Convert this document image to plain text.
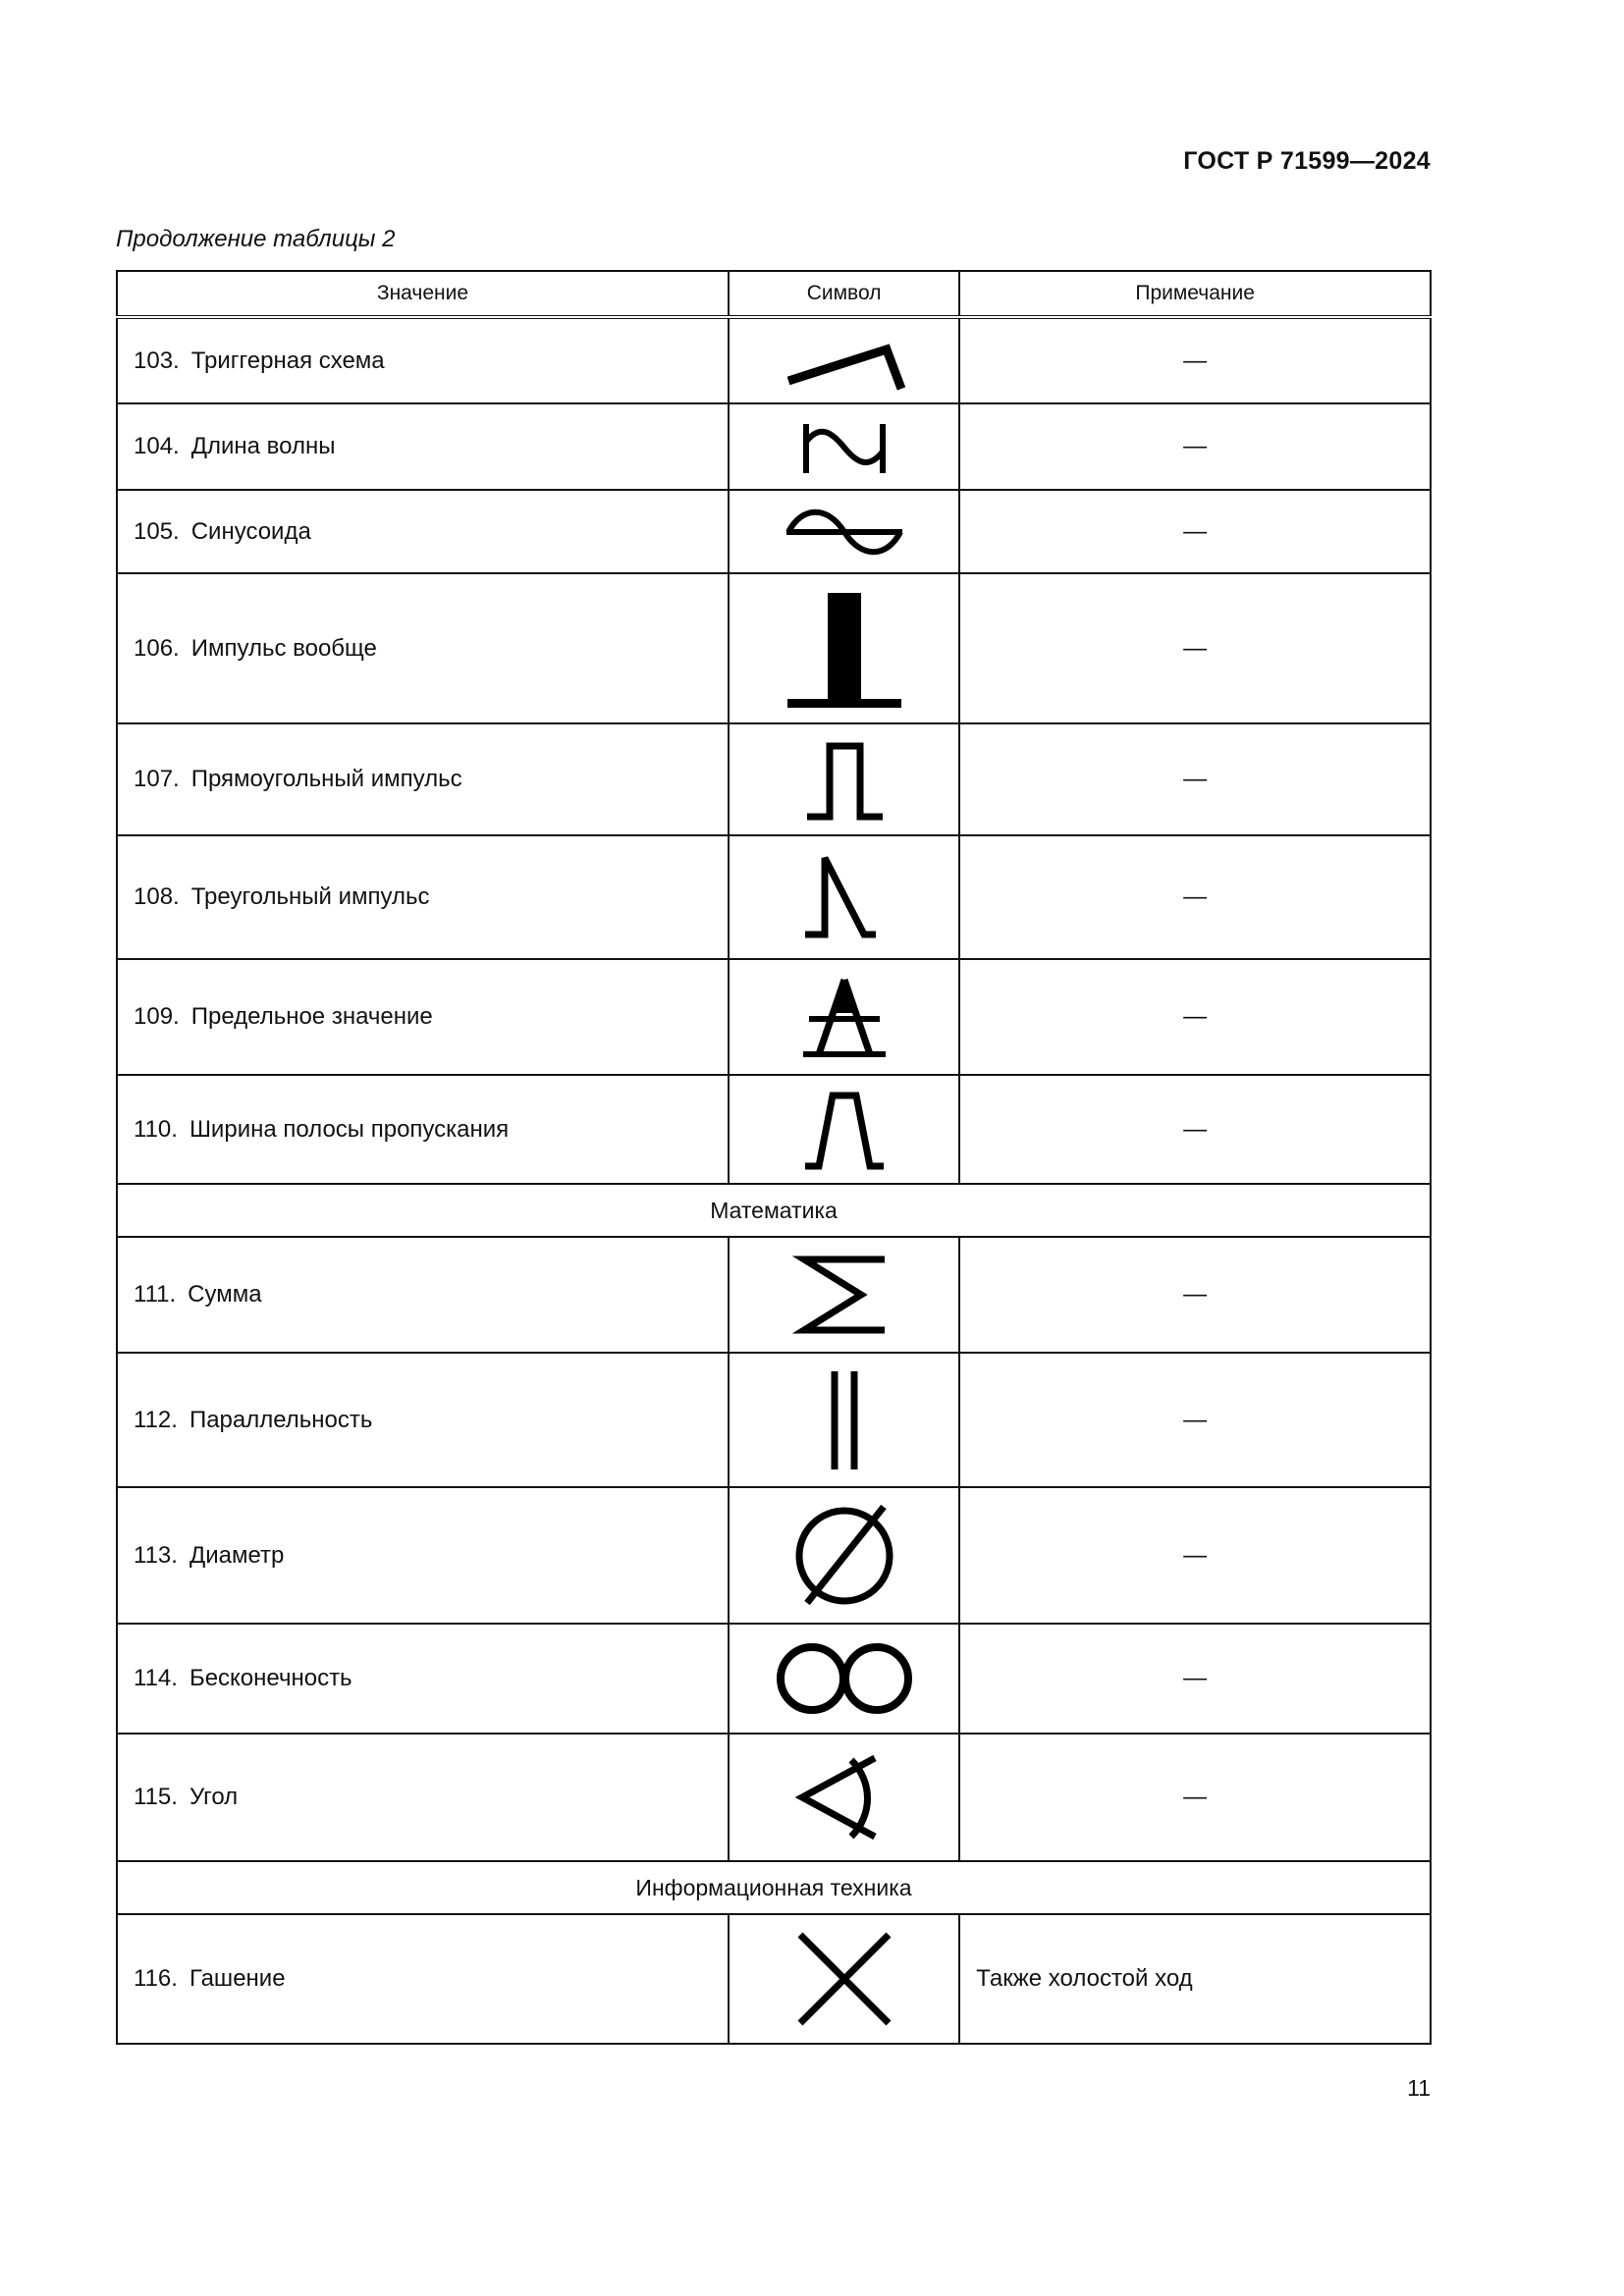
ГОСТ Р 71599—2024
Продолжение таблицы 2
Значение	Символ	Примечание
103. Триггерная схема		—
104. Длина волны		—
105. Синусоида		—
106. Импульс вообще		—
107. Прямоугольный импульс		—
108. Треугольный импульс		—
109. Предельное значение		—
110. Ширина полосы пропускания		—
Математика		
111. Сумма		—
112. Параллельность		—
113. Диаметр		—
114. Бесконечность		—
115. Угол		—
Информационная техника		
116. Гашение		Также холостой ход
11
